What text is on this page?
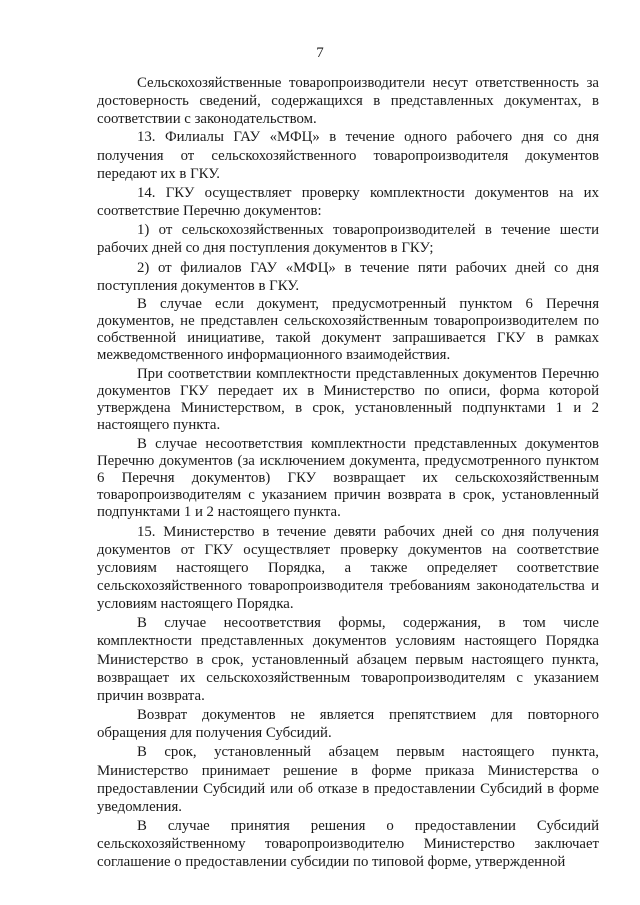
7

Сельскохозяйственные товаропроизводители несут ответственность за достоверность сведений, содержащихся в представленных документах, в соответствии с законодательством.

13. Филиалы ГАУ «МФЦ» в течение одного рабочего дня со дня получения от сельскохозяйственного товаропроизводителя документов передают их в ГКУ.

14. ГКУ осуществляет проверку комплектности документов на их соответствие Перечню документов:

1) от сельскохозяйственных товаропроизводителей в течение шести рабочих дней со дня поступления документов в ГКУ;

2) от филиалов ГАУ «МФЦ» в течение пяти рабочих дней со дня поступления документов в ГКУ.

В случае если документ, предусмотренный пунктом 6 Перечня документов, не представлен сельскохозяйственным товаропроизводителем по собственной инициативе, такой документ запрашивается ГКУ в рамках межведомственного информационного взаимодействия.

При соответствии комплектности представленных документов Перечню документов ГКУ передает их в Министерство по описи, форма которой утверждена Министерством, в срок, установленный подпунктами 1 и 2 настоящего пункта.

В случае несоответствия комплектности представленных документов Перечню документов (за исключением документа, предусмотренного пунктом 6 Перечня документов) ГКУ возвращает их сельскохозяйственным товаропроизводителям с указанием причин возврата в срок, установленный подпунктами 1 и 2 настоящего пункта.

15. Министерство в течение девяти рабочих дней со дня получения документов от ГКУ осуществляет проверку документов на соответствие условиям настоящего Порядка, а также определяет соответствие сельскохозяйственного товаропроизводителя требованиям законодательства и условиям настоящего Порядка.

В случае несоответствия формы, содержания, в том числе комплектности представленных документов условиям настоящего Порядка Министерство в срок, установленный абзацем первым настоящего пункта, возвращает их сельскохозяйственным товаропроизводителям с указанием причин возврата.

Возврат документов не является препятствием для повторного обращения для получения Субсидий.

В срок, установленный абзацем первым настоящего пункта, Министерство принимает решение в форме приказа Министерства о предоставлении Субсидий или об отказе в предоставлении Субсидий в форме уведомления.

В случае принятия решения о предоставлении Субсидий сельскохозяйственному товаропроизводителю Министерство заключает соглашение о предоставлении субсидии по типовой форме, утвержденной
